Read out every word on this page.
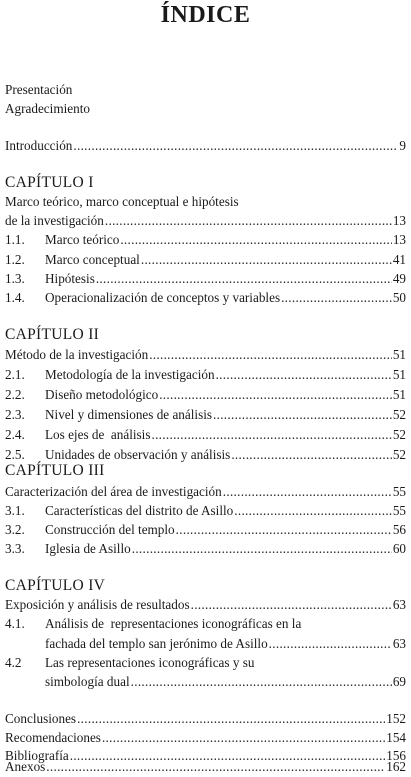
ÍNDICE
Presentación
Agradecimiento
Introducción .....	9
CAPÍTULO I
Marco teórico, marco conceptual e hipótesis
de la investigación .....	13
1.1.	Marco teórico .....	13
1.2.	Marco conceptual .....	41
1.3.	Hipótesis .....	49
1.4.	Operacionalización de conceptos y variables .....	50
CAPÍTULO II
Método de la investigación .....	51
2.1.	Metodología de la investigación .....	51
2.2.	Diseño metodológico .....	51
2.3.	Nivel y dimensiones de análisis .....	52
2.4.	Los ejes de  análisis .....	52
2.5.	Unidades de observación y análisis .....	52
CAPÍTULO III
Caracterización del área de investigación .....	55
3.1.	Características del distrito de Asillo .....	55
3.2.	Construcción del templo .....	56
3.3.	Iglesia de Asillo .....	60
CAPÍTULO IV
Exposición y análisis de resultados .....	63
4.1.	Análisis de  representaciones iconográficas en la
fachada del templo san jerónimo de Asillo .....	63
4.2	Las representaciones iconográficas y su
simbología dual .....	69
Conclusiones .....	152
Recomendaciones .....	154
Bibliografía .....	156
Anexos .....	162
